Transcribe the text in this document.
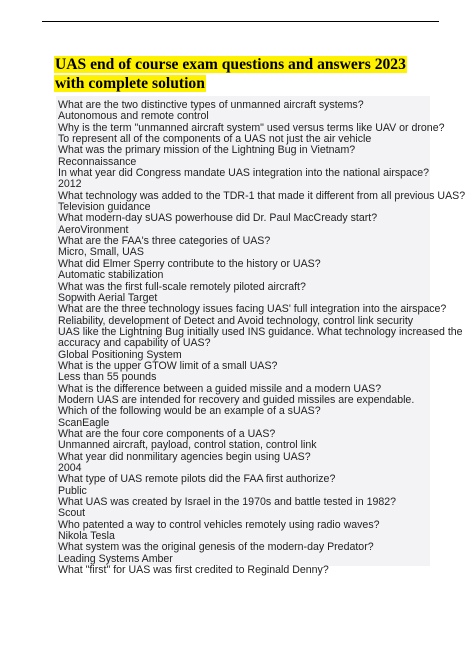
UAS end of course exam questions and answers 2023 with complete solution
What are the two distinctive types of unmanned aircraft systems?
Autonomous and remote control
Why is the term "unmanned aircraft system" used versus terms like UAV or drone?
To represent all of the components of a UAS not just the air vehicle
What was the primary mission of the Lightning Bug in Vietnam?
Reconnaissance
In what year did Congress mandate UAS integration into the national airspace?
2012
What technology was added to the TDR-1 that made it different from all previous UAS?
Television guidance
What modern-day sUAS powerhouse did Dr. Paul MacCready start?
AeroVironment
What are the FAA's three categories of UAS?
Micro, Small, UAS
What did Elmer Sperry contribute to the history or UAS?
Automatic stabilization
What was the first full-scale remotely piloted aircraft?
Sopwith Aerial Target
What are the three technology issues facing UAS' full integration into the airspace?
Reliability, development of Detect and Avoid technology, control link security
UAS like the Lightning Bug initially used INS guidance. What technology increased the
accuracy and capability of UAS?
Global Positioning System
What is the upper GTOW limit of a small UAS?
Less than 55 pounds
What is the difference between a guided missile and a modern UAS?
Modern UAS are intended for recovery and guided missiles are expendable.
Which of the following would be an example of a sUAS?
ScanEagle
What are the four core components of a UAS?
Unmanned aircraft, payload, control station, control link
What year did nonmilitary agencies begin using UAS?
2004
What type of UAS remote pilots did the FAA first authorize?
Public
What UAS was created by Israel in the 1970s and battle tested in 1982?
Scout
Who patented a way to control vehicles remotely using radio waves?
Nikola Tesla
What system was the original genesis of the modern-day Predator?
Leading Systems Amber
What "first" for UAS was first credited to Reginald Denny?
